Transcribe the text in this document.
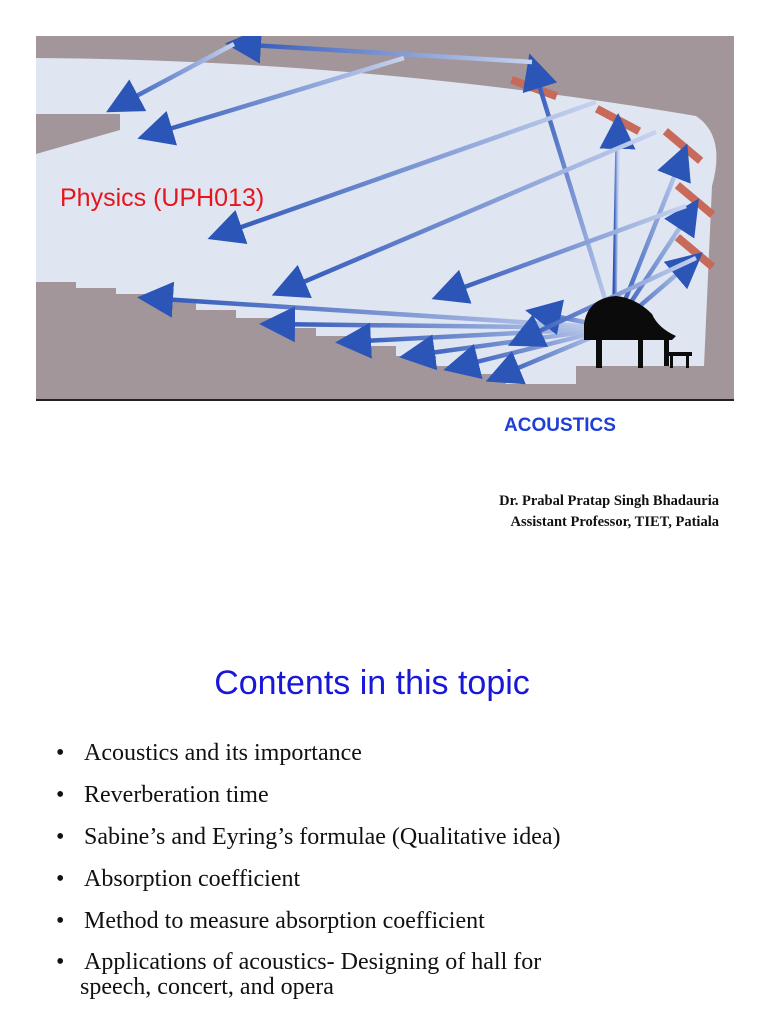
Physics (UPH013)
ACOUSTICS
Dr. Prabal Pratap Singh Bhadauria
Assistant Professor, TIET, Patiala
Contents in this topic
• Acoustics and its importance
• Reverberation time
• Sabine’s and Eyring’s formulae (Qualitative idea)
• Absorption coefficient
• Method to measure absorption coefficient
• Applications of acoustics- Designing of hall for
speech, concert, and opera
